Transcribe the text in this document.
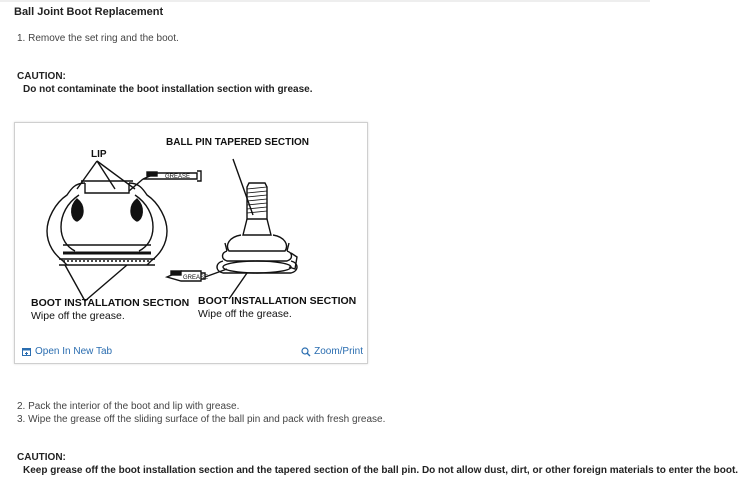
Ball Joint Boot Replacement
1. Remove the set ring and the boot.
CAUTION:
Do not contaminate the boot installation section with grease.
GREASE
GREASE
LIP
BALL PIN TAPERED SECTION
BOOT INSTALLATION SECTION
Wipe off the grease.
BOOT INSTALLATION SECTION
Wipe off the grease.
Open In New Tab	Zoom/Print
2. Pack the interior of the boot and lip with grease.
3. Wipe the grease off the sliding surface of the ball pin and pack with fresh grease.
CAUTION:
Keep grease off the boot installation section and the tapered section of the ball pin. Do not allow dust, dirt, or other foreign materials to enter the boot.
